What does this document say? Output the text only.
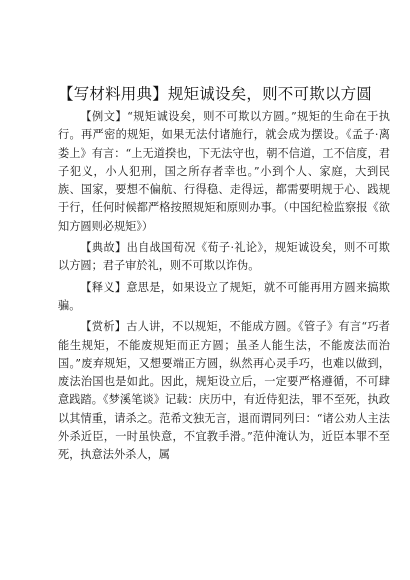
【写材料用典】规矩诚设矣，则不可欺以方圆

【例文】“规矩诚设矣，则不可欺以方圆。”规矩的生命在于执行。再严密的规矩，如果无法付诸施行，就会成为摆设。《孟子·离娄上》有言：“上无道揆也，下无法守也，朝不信道，工不信度，君子犯义，小人犯刑，国之所存者幸也。”小到个人、家庭，大到民族、国家，要想不偏航、行得稳、走得远，都需要明规于心、践规于行，任何时候都严格按照规矩和原则办事。（中国纪检监察报《欲知方圆则必规矩》）

【典故】出自战国荀况《荀子·礼论》，规矩诚设矣，则不可欺以方圆；君子审於礼，则不可欺以诈伪。

【释义】意思是，如果设立了规矩，就不可能再用方圆来搞欺骗。

【赏析】古人讲，不以规矩，不能成方圆。《管子》有言“巧者能生规矩，不能废规矩而正方圆；虽圣人能生法，不能废法而治国。”废弃规矩，又想要端正方圆，纵然再心灵手巧，也难以做到，废法治国也是如此。因此，规矩设立后，一定要严格遵循，不可肆意践踏。《梦溪笔谈》记载：庆历中，有近侍犯法，罪不至死，执政以其情重，请杀之。范希文独无言，退而谓同列曰：“诸公劝人主法外杀近臣，一时虽快意，不宜教手滑。”范仲淹认为，近臣本罪不至死，执意法外杀人，属
